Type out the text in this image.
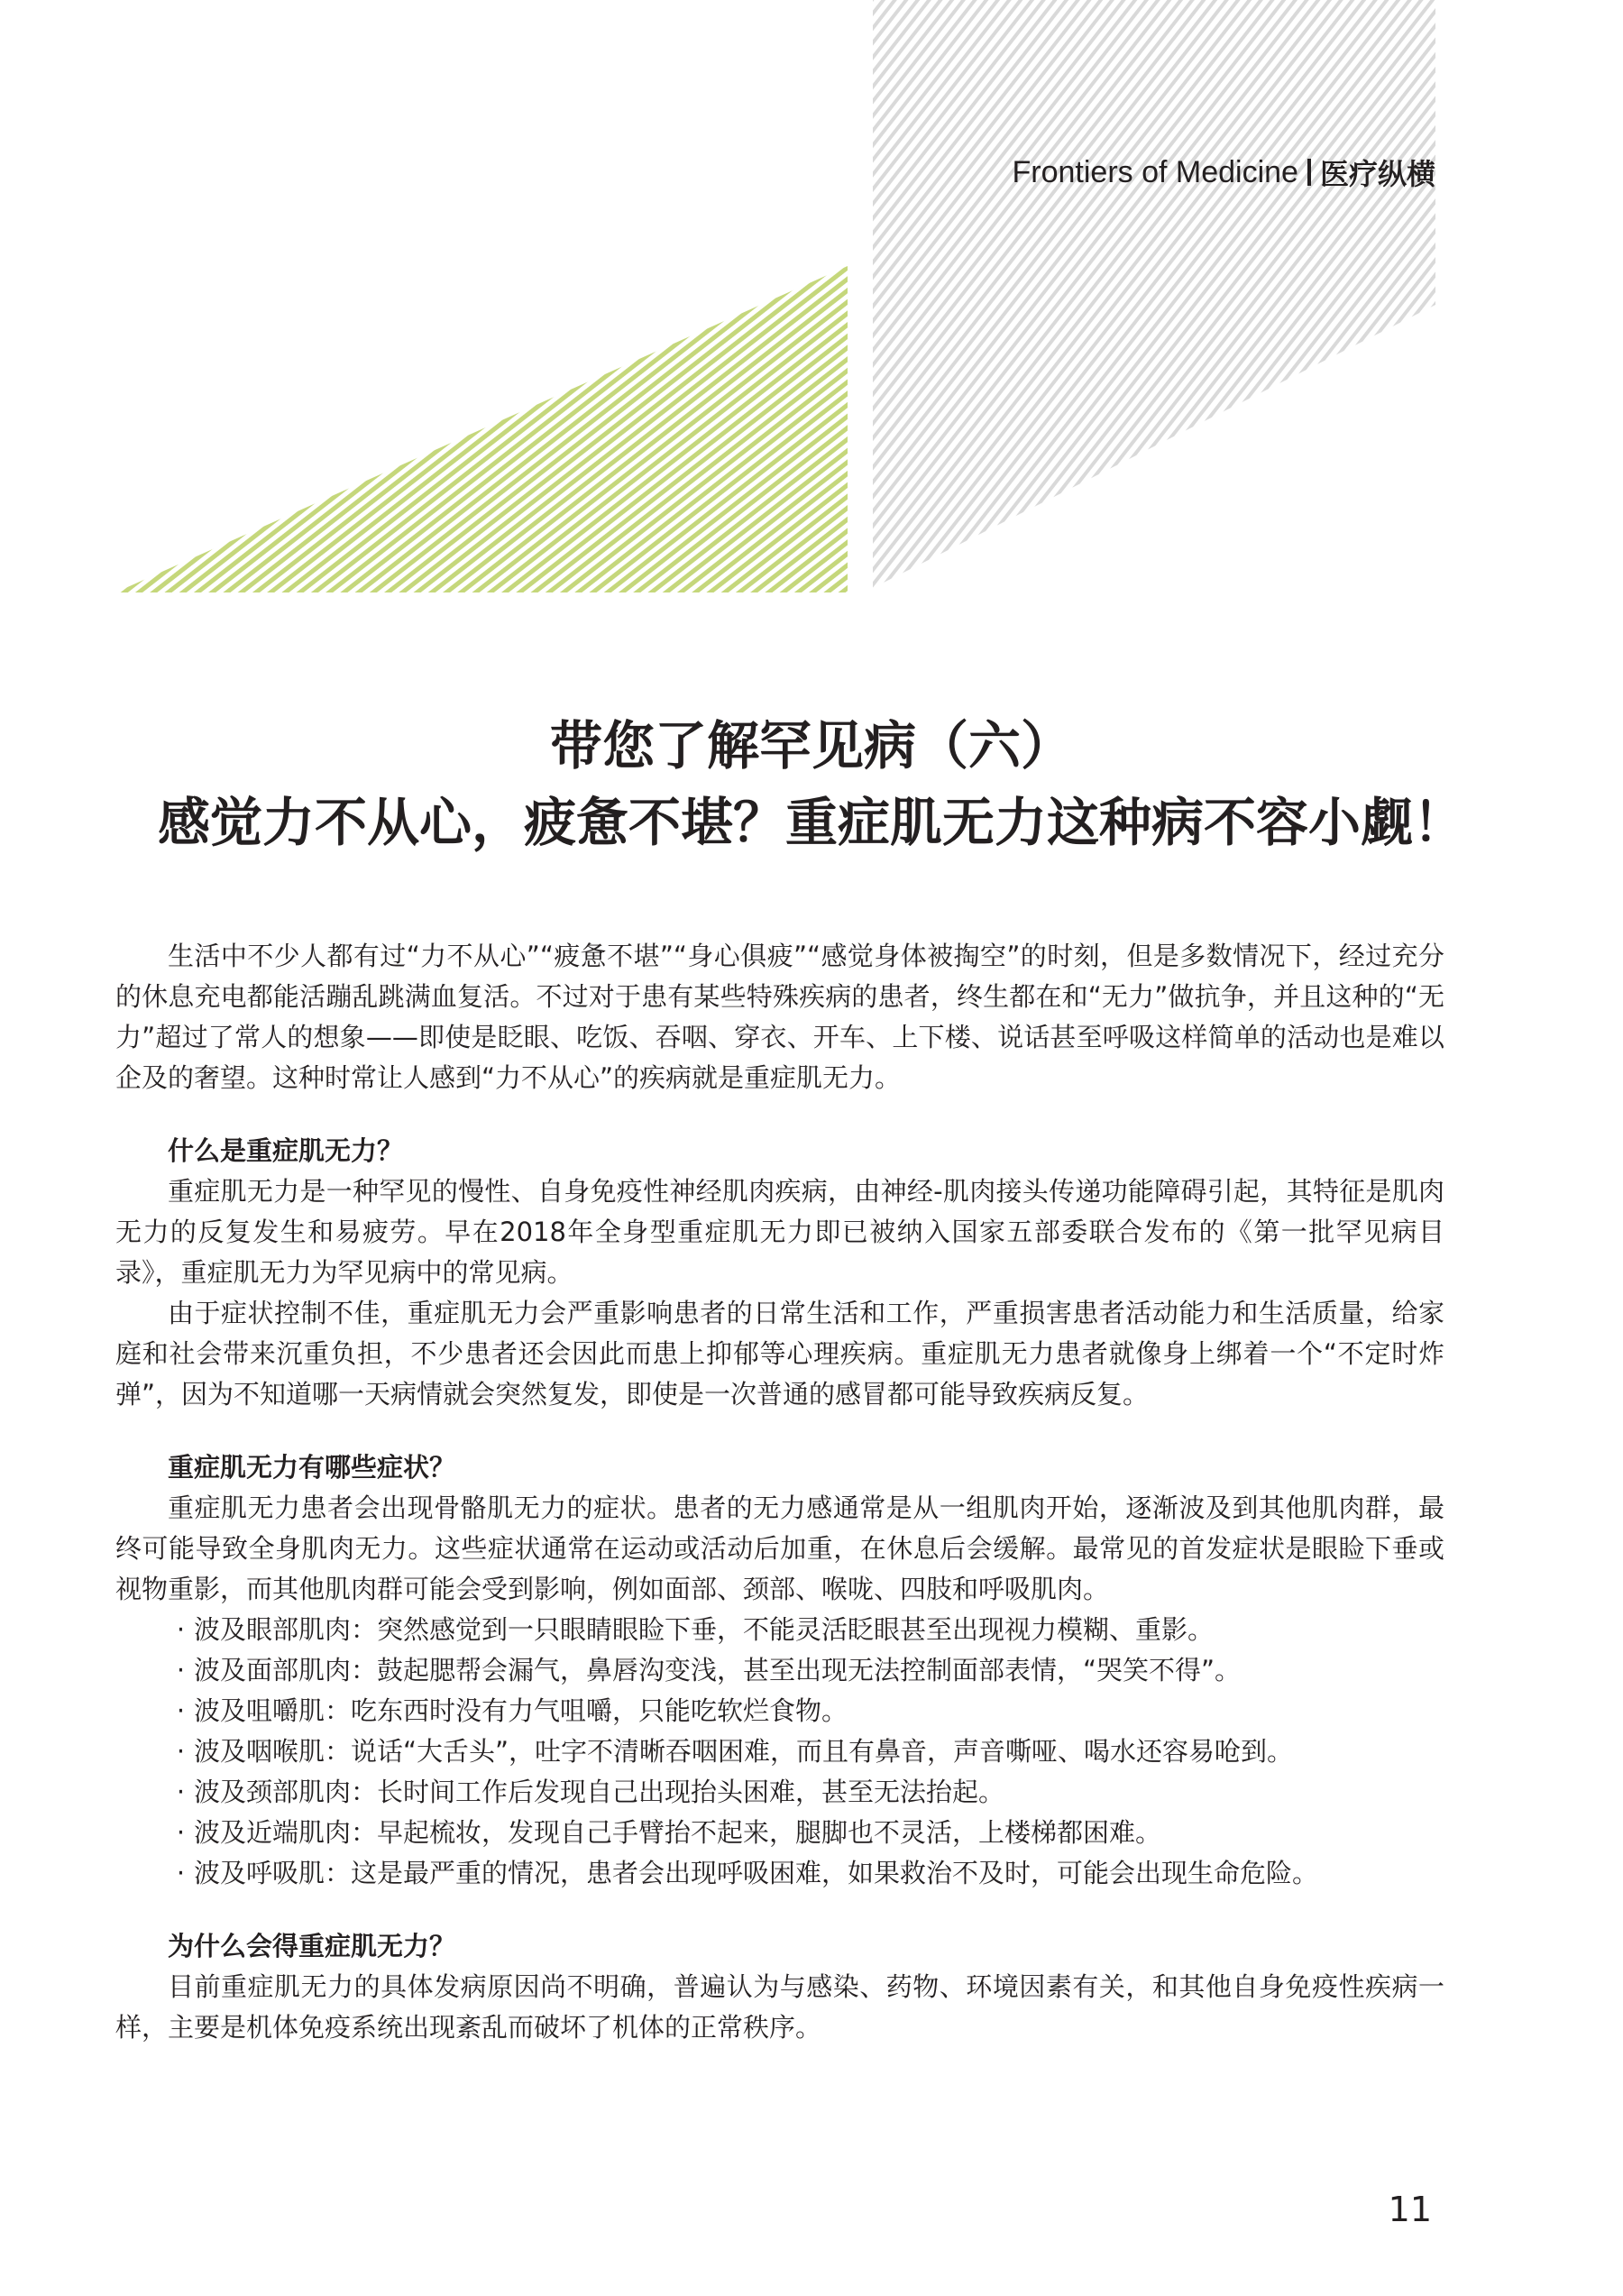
Frontiers of Medicine 医疗纵横
带您了解罕见病（六）
感觉力不从心，疲惫不堪？重症肌无力这种病不容小觑！

生活中不少人都有过“力不从心”“疲惫不堪”“身心俱疲”“感觉身体被掏空”的时刻，但是多数情况下，经过充分的休息充电都能活蹦乱跳满血复活。不过对于患有某些特殊疾病的患者，终生都在和“无力”做抗争，并且这种的“无力”超过了常人的想象——即使是眨眼、吃饭、吞咽、穿衣、开车、上下楼、说话甚至呼吸这样简单的活动也是难以企及的奢望。这种时常让人感到“力不从心”的疾病就是重症肌无力。

什么是重症肌无力？

重症肌无力是一种罕见的慢性、自身免疫性神经肌肉疾病，由神经-肌肉接头传递功能障碍引起，其特征是肌肉无力的反复发生和易疲劳。早在2018年全身型重症肌无力即已被纳入国家五部委联合发布的《第一批罕见病目录》，重症肌无力为罕见病中的常见病。

由于症状控制不佳，重症肌无力会严重影响患者的日常生活和工作，严重损害患者活动能力和生活质量，给家庭和社会带来沉重负担，不少患者还会因此而患上抑郁等心理疾病。重症肌无力患者就像身上绑着一个“不定时炸弹”，因为不知道哪一天病情就会突然复发，即使是一次普通的感冒都可能导致疾病反复。

重症肌无力有哪些症状？

重症肌无力患者会出现骨骼肌无力的症状。患者的无力感通常是从一组肌肉开始，逐渐波及到其他肌肉群，最终可能导致全身肌肉无力。这些症状通常在运动或活动后加重，在休息后会缓解。最常见的首发症状是眼睑下垂或视物重影，而其他肌肉群可能会受到影响，例如面部、颈部、喉咙、四肢和呼吸肌肉。

· 波及眼部肌肉：突然感觉到一只眼睛眼睑下垂，不能灵活眨眼甚至出现视力模糊、重影。
· 波及面部肌肉：鼓起腮帮会漏气，鼻唇沟变浅，甚至出现无法控制面部表情，“哭笑不得”。
· 波及咀嚼肌：吃东西时没有力气咀嚼，只能吃软烂食物。
· 波及咽喉肌：说话“大舌头”，吐字不清晰吞咽困难，而且有鼻音，声音嘶哑、喝水还容易呛到。
· 波及颈部肌肉：长时间工作后发现自己出现抬头困难，甚至无法抬起。
· 波及近端肌肉：早起梳妆，发现自己手臂抬不起来，腿脚也不灵活，上楼梯都困难。
· 波及呼吸肌：这是最严重的情况，患者会出现呼吸困难，如果救治不及时，可能会出现生命危险。
为什么会得重症肌无力？

目前重症肌无力的具体发病原因尚不明确，普遍认为与感染、药物、环境因素有关，和其他自身免疫性疾病一样，主要是机体免疫系统出现紊乱而破坏了机体的正常秩序。

11
